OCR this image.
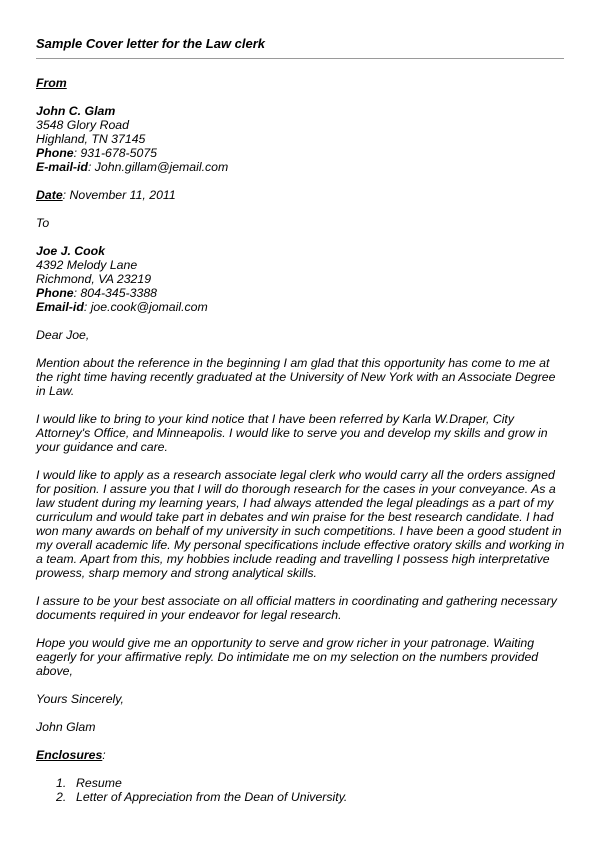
Sample Cover letter for the Law clerk

From

John C. Glam

3548 Glory Road

Highland, TN 37145

Phone: 931-678-5075

E-mail-id: John.gillam@jemail.com

Date: November 11, 2011

To

Joe J. Cook

4392 Melody Lane

Richmond, VA 23219

Phone: 804-345-3388

Email-id: joe.cook@jomail.com

Dear Joe,

Mention about the reference in the beginning I am glad that this opportunity has come to me at the right time having recently graduated at the University of New York with an Associate Degree in Law.

I would like to bring to your kind notice that I have been referred by Karla W.Draper, City Attorney's Office, and Minneapolis. I would like to serve you and develop my skills and grow in your guidance and care.

I would like to apply as a research associate legal clerk who would carry all the orders assigned for position. I assure you that I will do thorough research for the cases in your conveyance. As a law student during my learning years, I had always attended the legal pleadings as a part of my curriculum and would take part in debates and win praise for the best research candidate. I had won many awards on behalf of my university in such competitions. I have been a good student in my overall academic life. My personal specifications include effective oratory skills and working in a team. Apart from this, my hobbies include reading and travelling I possess high interpretative prowess, sharp memory and strong analytical skills.

I assure to be your best associate on all official matters in coordinating and gathering necessary documents required in your endeavor for legal research.

Hope you would give me an opportunity to serve and grow richer in your patronage. Waiting eagerly for your affirmative reply. Do intimidate me on my selection on the numbers provided above,

Yours Sincerely,

John Glam

Enclosures:

1. Resume
2. Letter of Appreciation from the Dean of University.
